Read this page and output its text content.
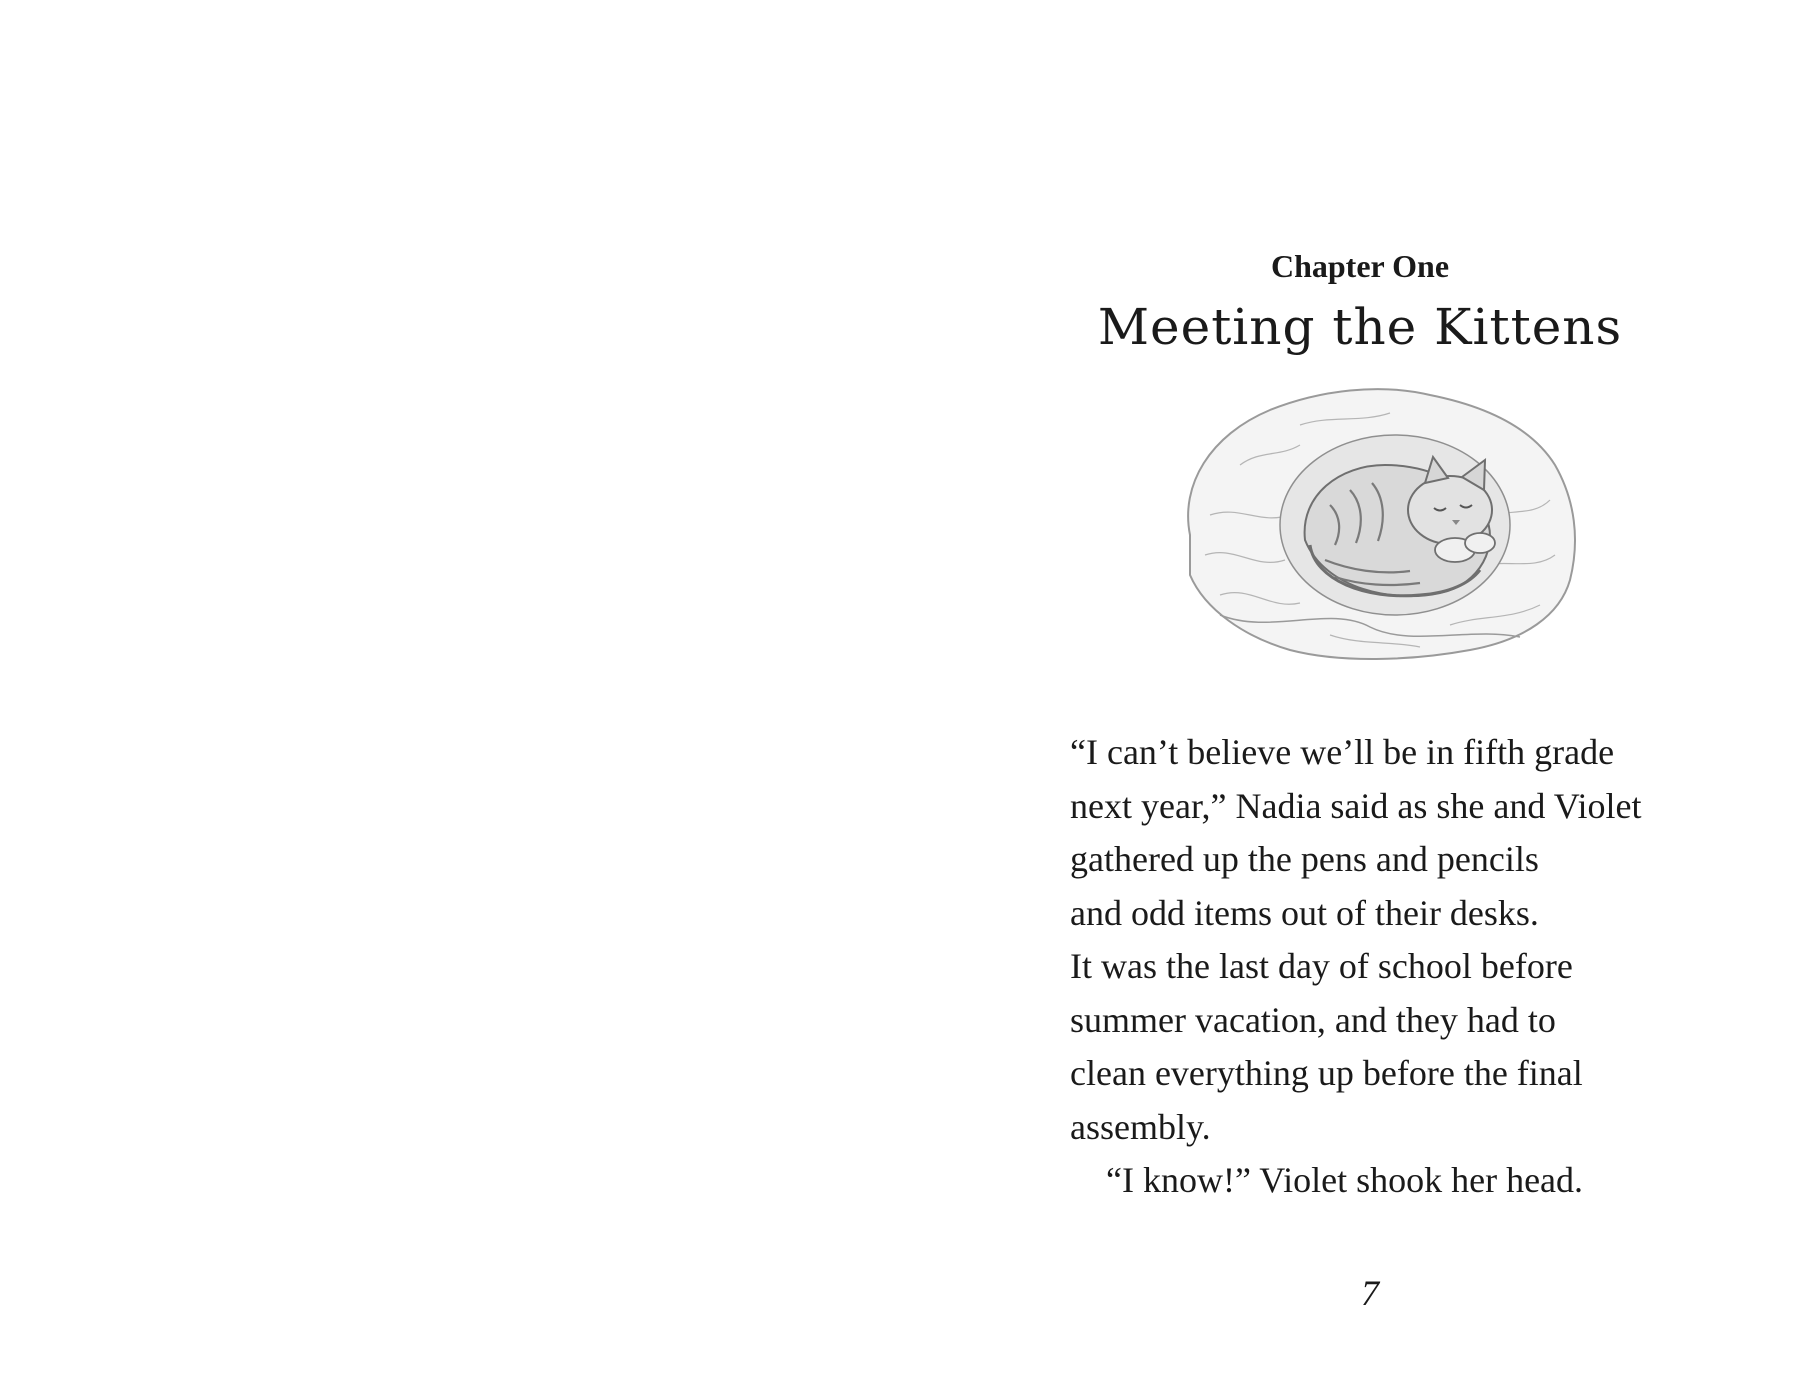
Chapter One
Meeting the Kittens
“I can’t believe we’ll be in fifth grade
next year,” Nadia said as she and Violet
gathered up the pens and pencils
and odd items out of their desks.
It was the last day of school before
summer vacation, and they had to
clean everything up before the final
assembly.
“I know!” Violet shook her head.
7
